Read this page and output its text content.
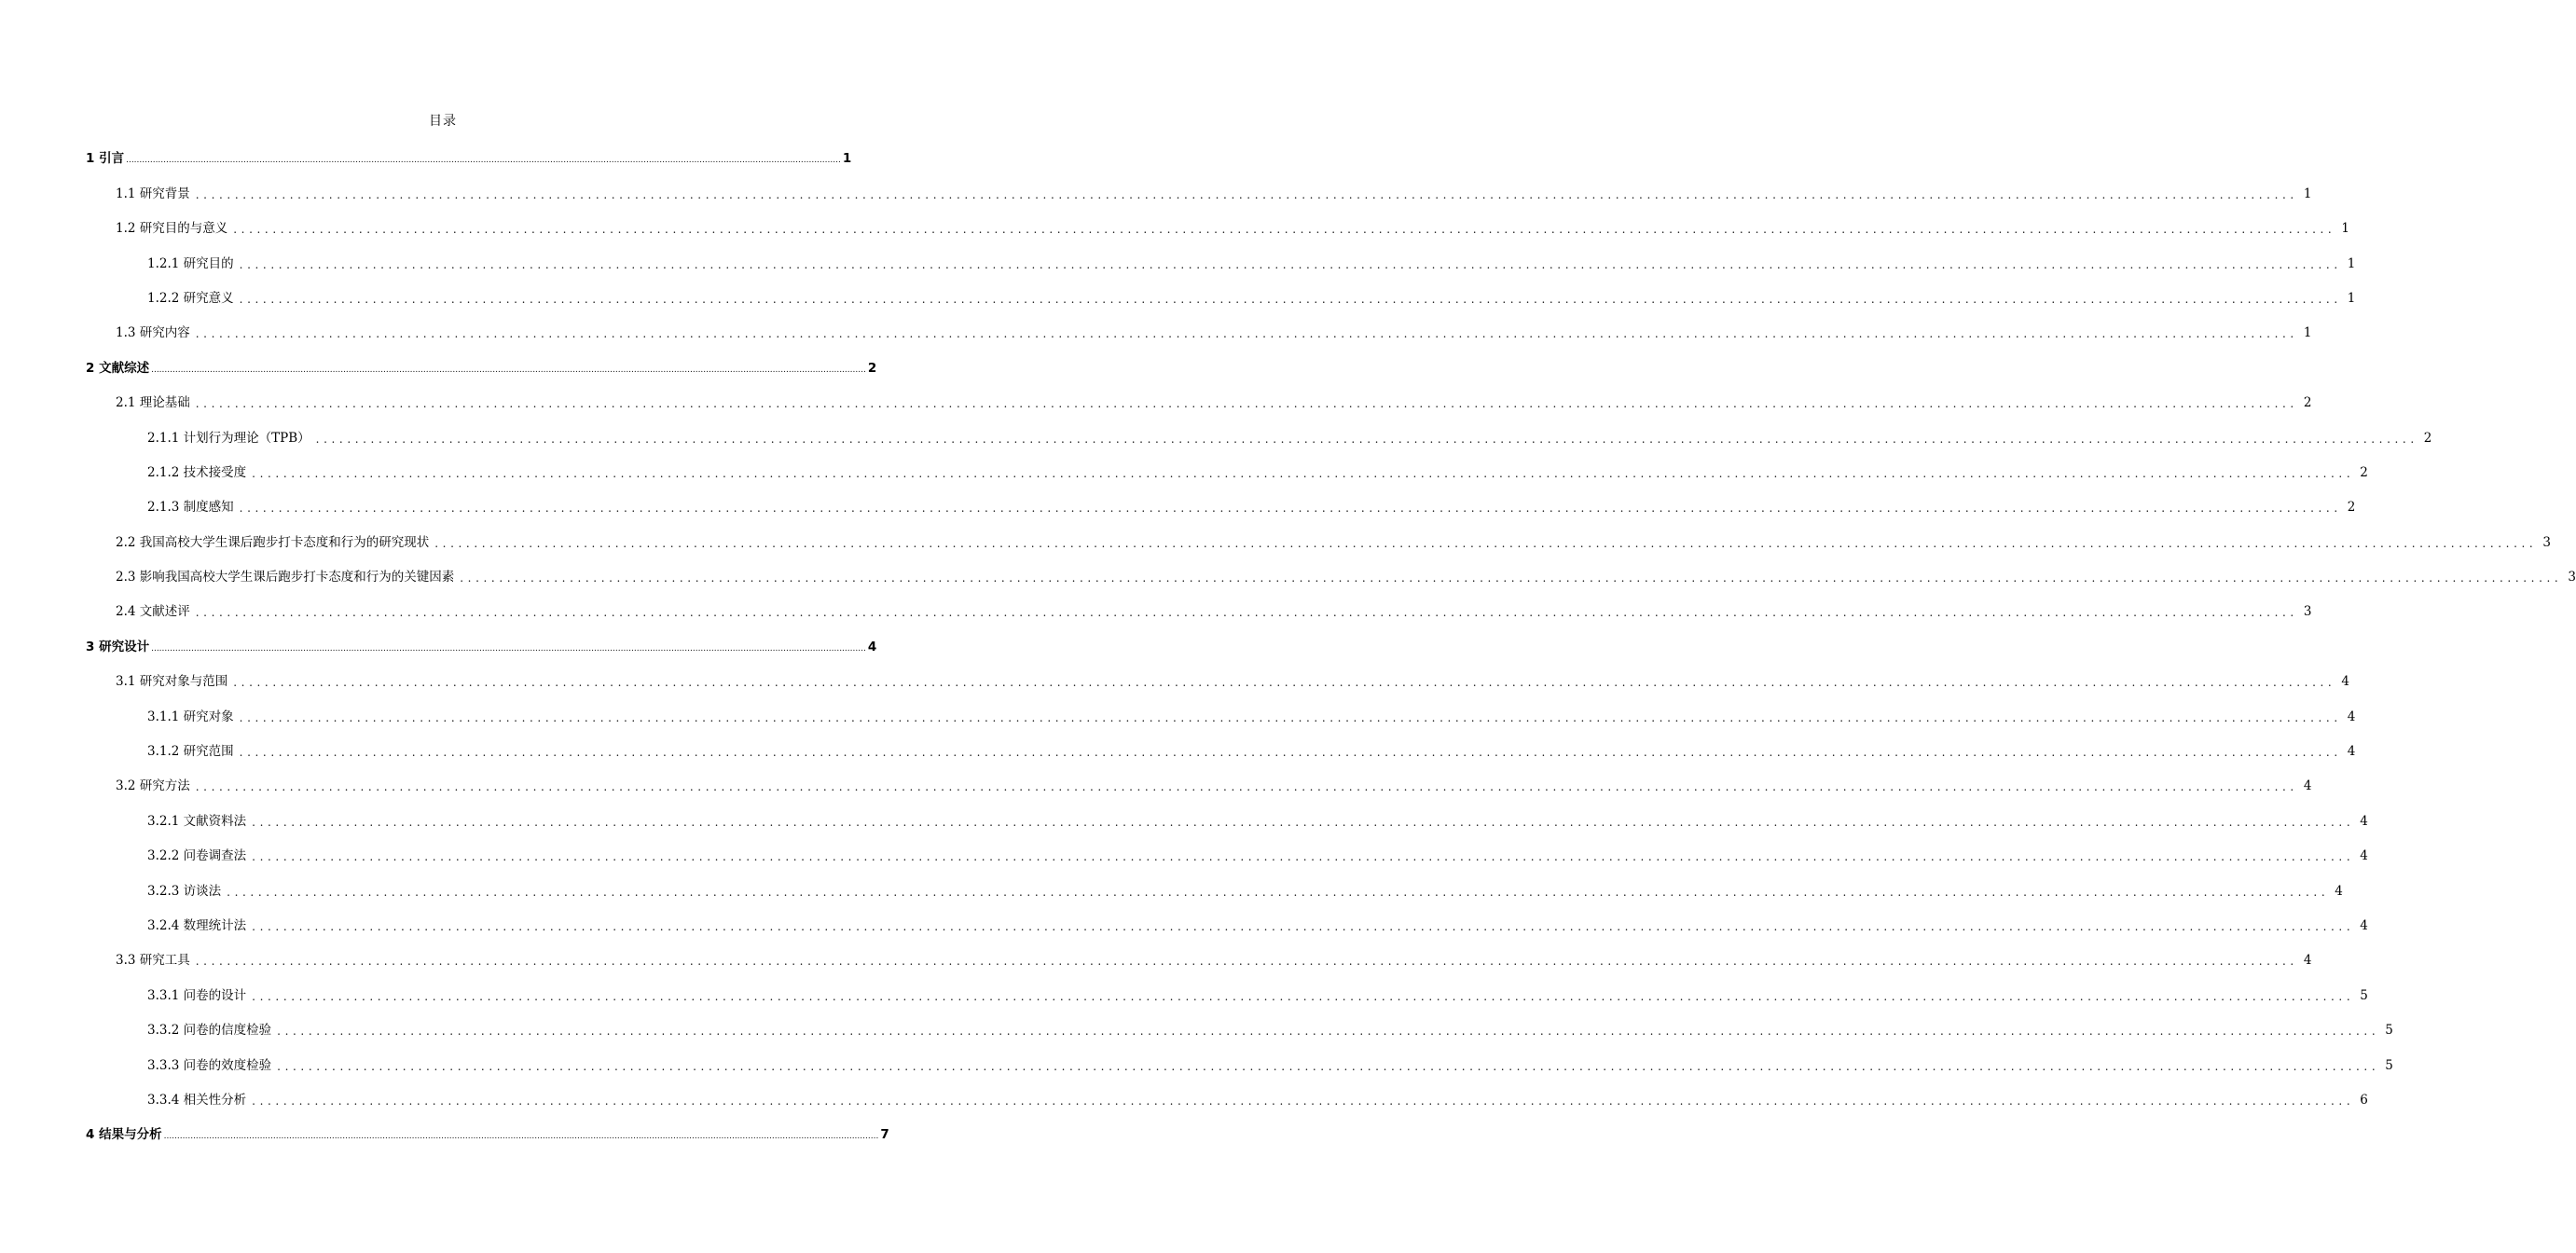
目录
1 引言 ............................................................................................................................................................................................................................................................................ 1
1.1 研究背景 ............................................................................................................................................................................................................................................................................ 1
1.2 研究目的与意义 ............................................................................................................................................................................................................................................................................ 1
1.2.1 研究目的 ............................................................................................................................................................................................................................................................................ 1
1.2.2 研究意义 ............................................................................................................................................................................................................................................................................ 1
1.3 研究内容 ............................................................................................................................................................................................................................................................................ 1
2 文献综述 ............................................................................................................................................................................................................................................................................ 2
2.1 理论基础 ............................................................................................................................................................................................................................................................................ 2
2.1.1 计划行为理论（TPB） ............................................................................................................................................................................................................................................................................ 2
2.1.2 技术接受度 ............................................................................................................................................................................................................................................................................ 2
2.1.3 制度感知 ............................................................................................................................................................................................................................................................................ 2
2.2 我国高校大学生课后跑步打卡态度和行为的研究现状 ............................................................................................................................................................................................................................................................................ 3
2.3 影响我国高校大学生课后跑步打卡态度和行为的关键因素 ............................................................................................................................................................................................................................................................................ 3
2.4 文献述评 ............................................................................................................................................................................................................................................................................ 3
3 研究设计 ............................................................................................................................................................................................................................................................................ 4
3.1 研究对象与范围 ............................................................................................................................................................................................................................................................................ 4
3.1.1 研究对象 ............................................................................................................................................................................................................................................................................ 4
3.1.2 研究范围 ............................................................................................................................................................................................................................................................................ 4
3.2 研究方法 ............................................................................................................................................................................................................................................................................ 4
3.2.1 文献资料法 ............................................................................................................................................................................................................................................................................ 4
3.2.2 问卷调查法 ............................................................................................................................................................................................................................................................................ 4
3.2.3 访谈法 ............................................................................................................................................................................................................................................................................ 4
3.2.4 数理统计法 ............................................................................................................................................................................................................................................................................ 4
3.3 研究工具 ............................................................................................................................................................................................................................................................................ 4
3.3.1 问卷的设计 ............................................................................................................................................................................................................................................................................ 5
3.3.2 问卷的信度检验 ............................................................................................................................................................................................................................................................................ 5
3.3.3 问卷的效度检验 ............................................................................................................................................................................................................................................................................ 5
3.3.4 相关性分析 ............................................................................................................................................................................................................................................................................ 6
4 结果与分析 ............................................................................................................................................................................................................................................................................ 7
